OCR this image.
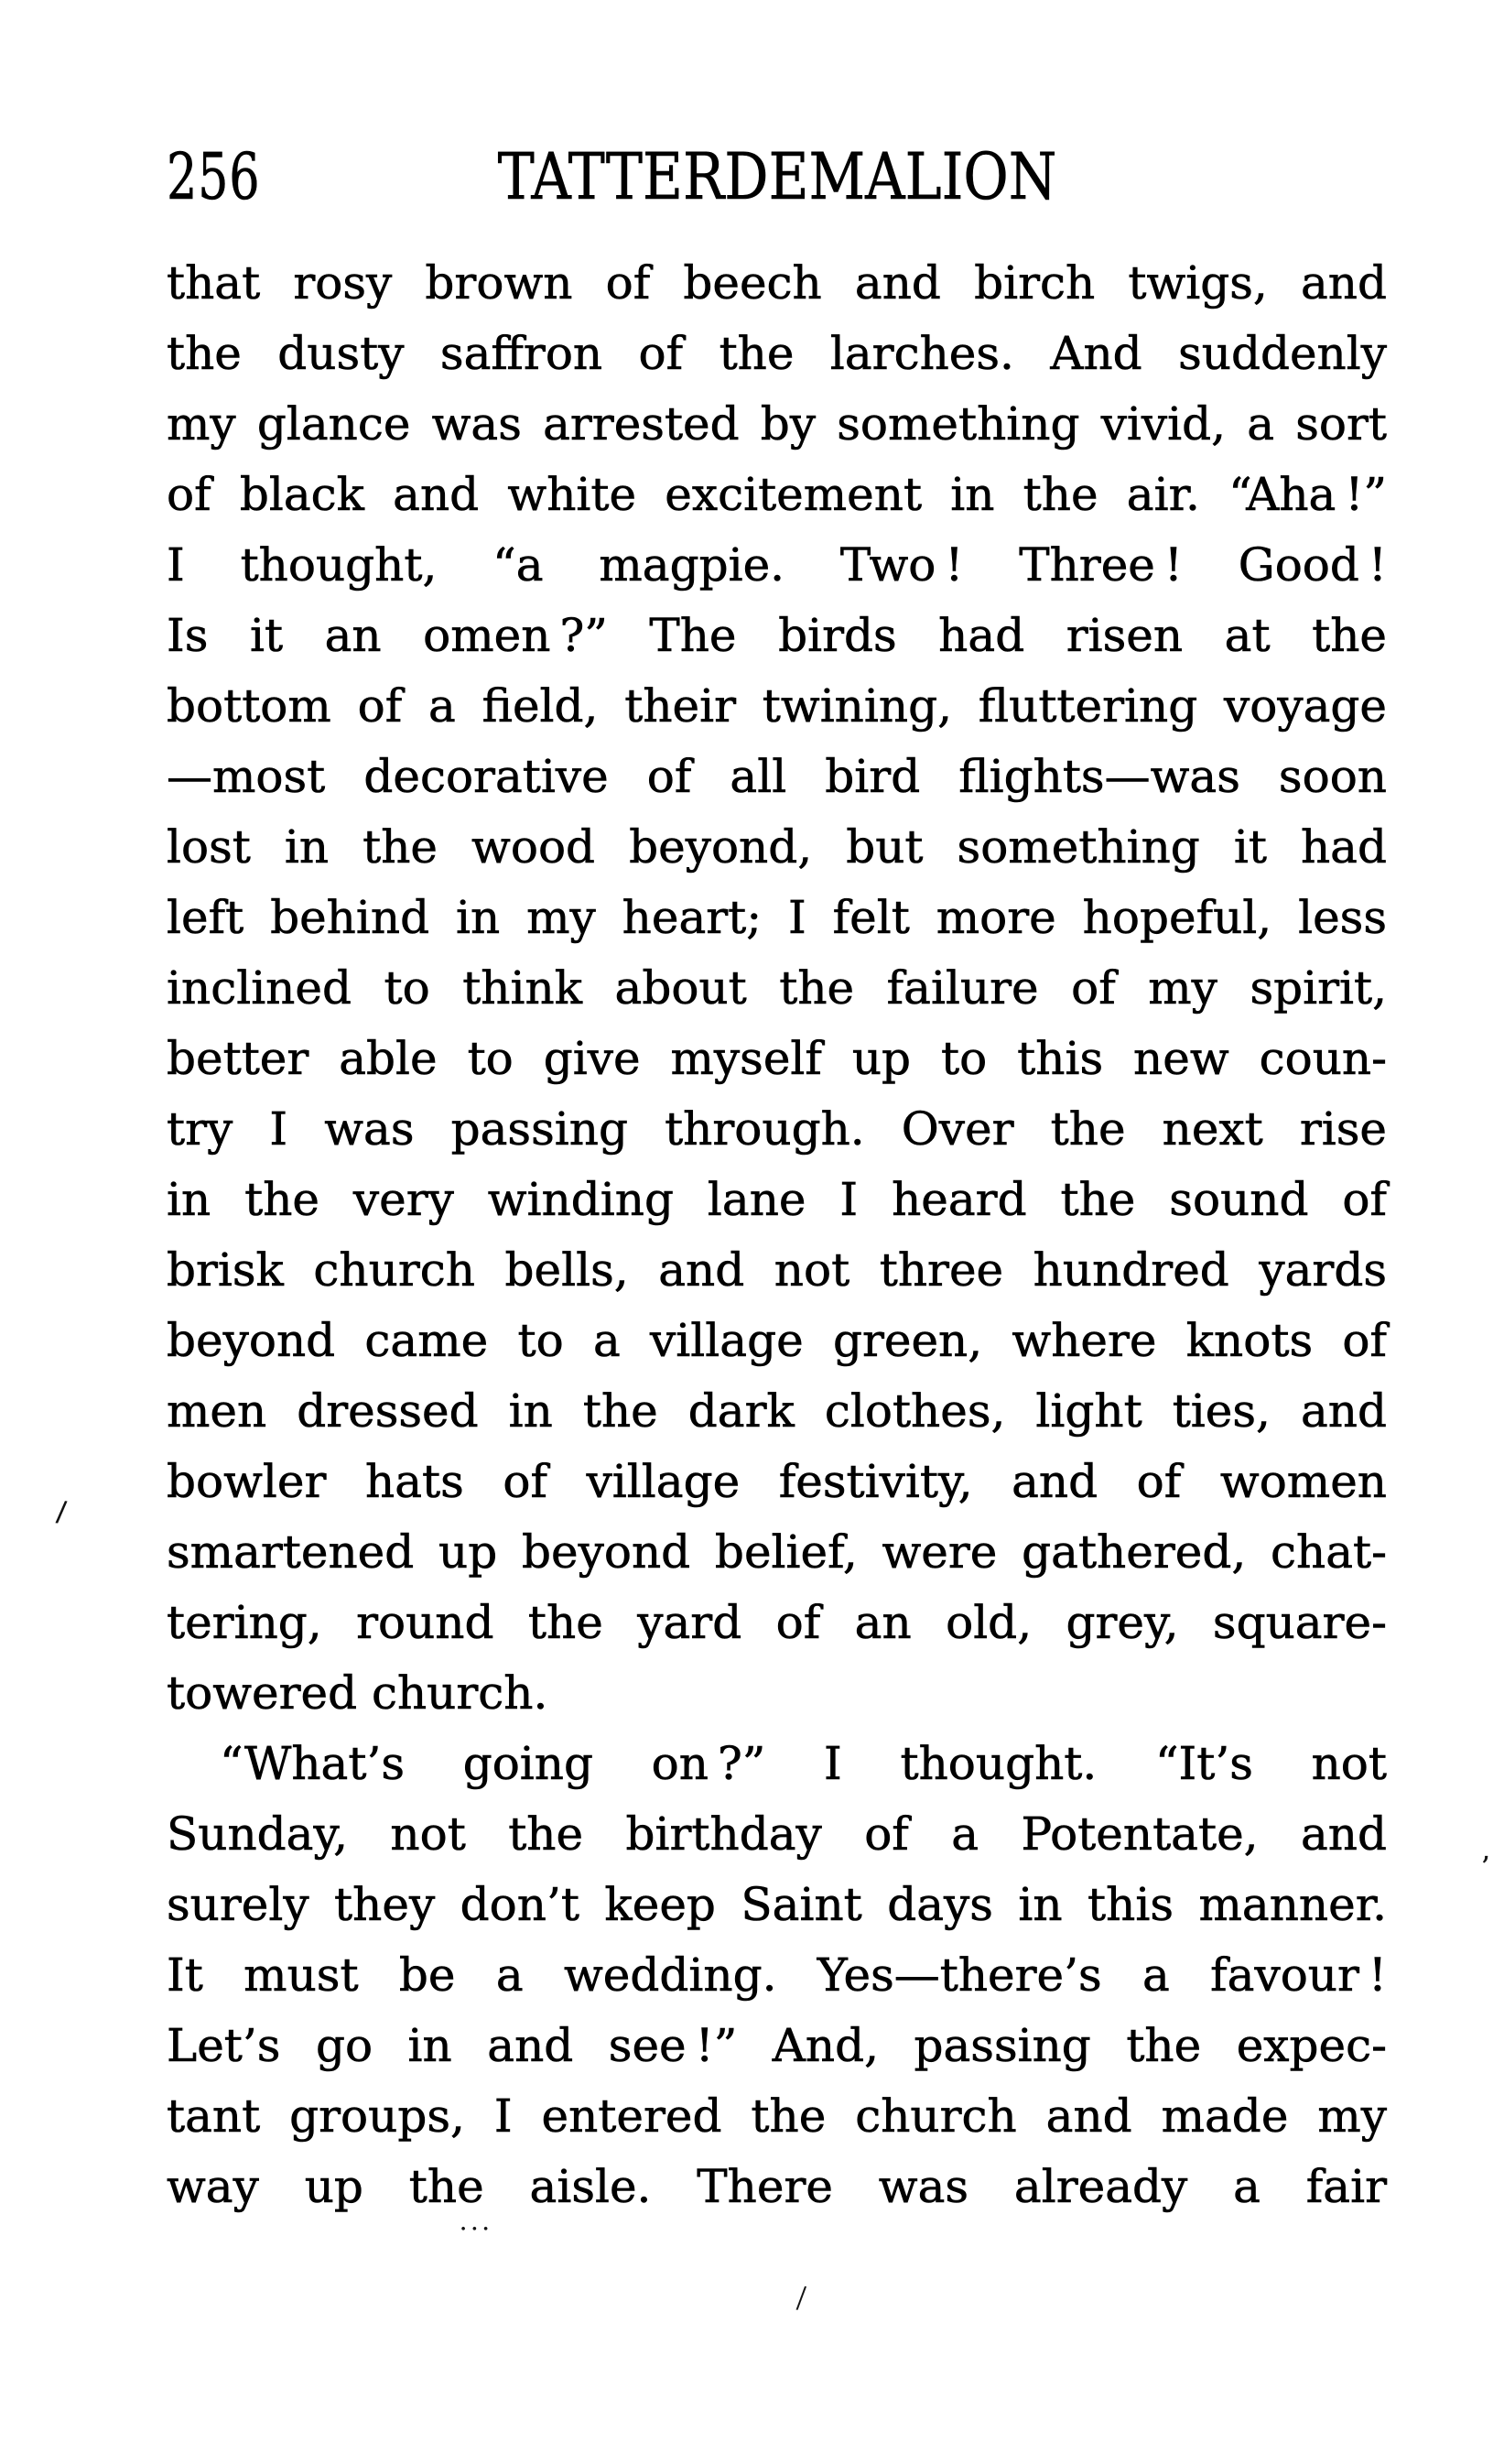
256	TATTERDEMALION
that rosy brown of beech and birch twigs, and
the dusty saffron of the larches. And suddenly
my glance was arrested by something vivid, a sort
of black and white excitement in the air. “Aha !”
I thought, “a magpie. Two ! Three ! Good !
Is it an omen ?” The birds had risen at the
bottom of a field, their twining, fluttering voyage
—most decorative of all bird flights—was soon
lost in the wood beyond, but something it had
left behind in my heart; I felt more hopeful, less
inclined to think about the failure of my spirit,
better able to give myself up to this new coun-
try I was passing through. Over the next rise
in the very winding lane I heard the sound of
brisk church bells, and not three hundred yards
beyond came to a village green, where knots of
men dressed in the dark clothes, light ties, and
bowler hats of village festivity, and of women
smartened up beyond belief, were gathered, chat-
tering, round the yard of an old, grey, square-
towered church.
“What’s going on ?” I thought. “It’s not
Sunday, not the birthday of a Potentate, and
surely they don’t keep Saint days in this manner.
It must be a wedding. Yes—there’s a favour !
Let’s go in and see !” And, passing the expec-
tant groups, I entered the church and made my
way up the aisle. There was already a fair
/
···
/
’
